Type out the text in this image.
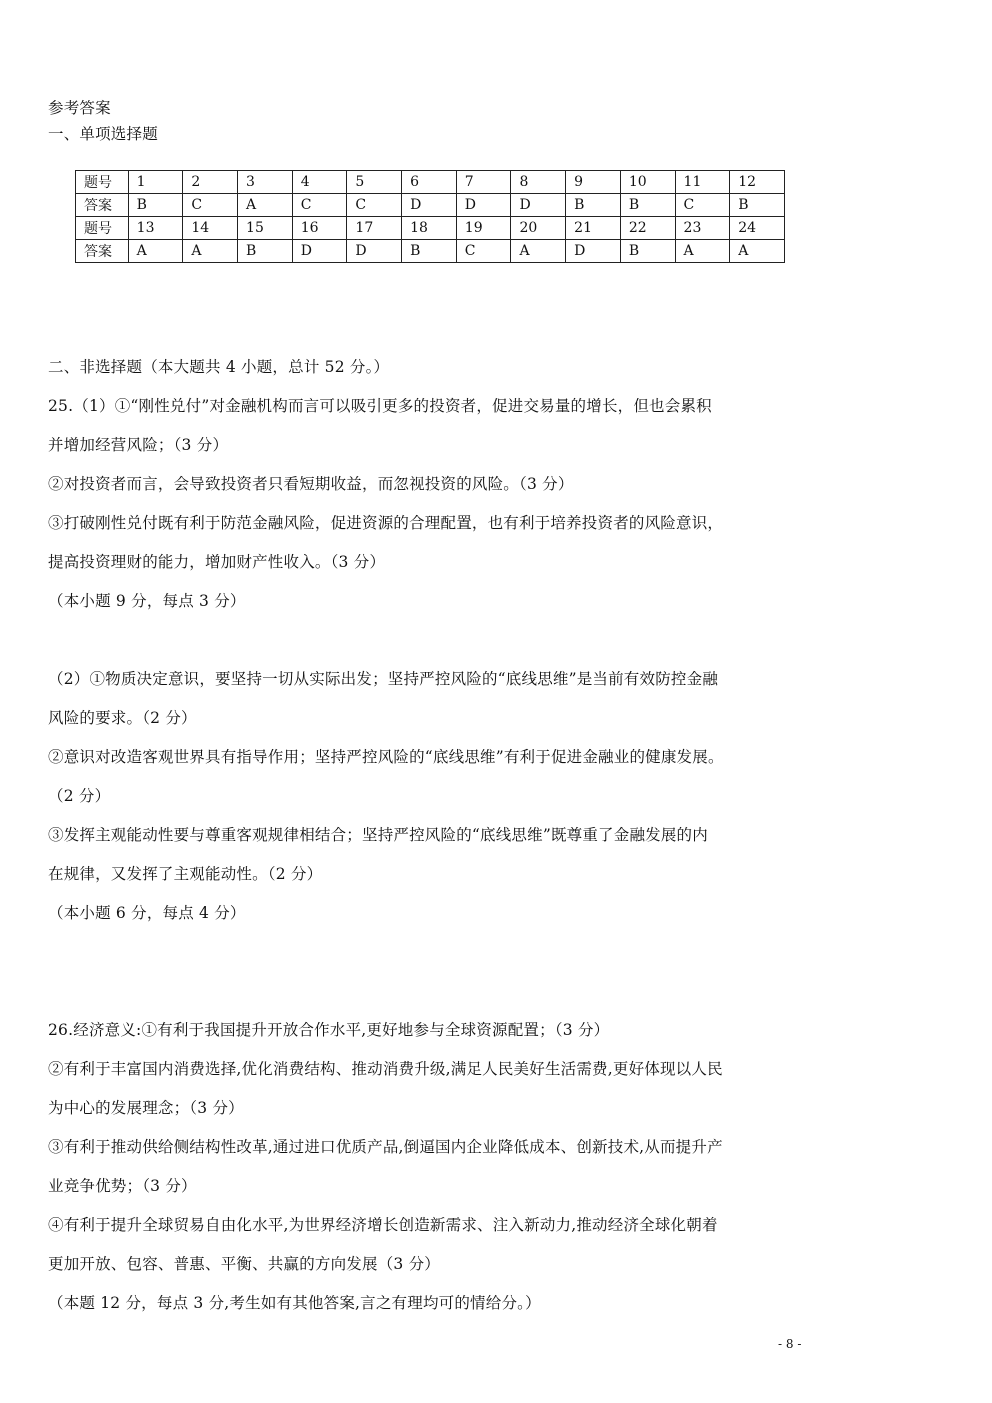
参考答案
一、单项选择题
题号	1	2	3	4	5	6	7	8	9	10	11	12
答案	B	C	A	C	C	D	D	D	B	B	C	B
题号	13	14	15	16	17	18	19	20	21	22	23	24
答案	A	A	B	D	D	B	C	A	D	B	A	A
二、非选择题（本大题共 4 小题，总计 52 分。）
25.（1）①“刚性兑付”对金融机构而言可以吸引更多的投资者，促进交易量的增长，但也会累积
并增加经营风险；（3 分）
②对投资者而言，会导致投资者只看短期收益，而忽视投资的风险。（3 分）
③打破刚性兑付既有利于防范金融风险，促进资源的合理配置，也有利于培养投资者的风险意识，
提高投资理财的能力，增加财产性收入。（3 分）
（本小题 9 分，每点 3 分）
（2）①物质决定意识，要坚持一切从实际出发；坚持严控风险的“底线思维”是当前有效防控金融
风险的要求。（2 分）
②意识对改造客观世界具有指导作用；坚持严控风险的“底线思维”有利于促进金融业的健康发展。
（2 分）
③发挥主观能动性要与尊重客观规律相结合；坚持严控风险的“底线思维”既尊重了金融发展的内
在规律，又发挥了主观能动性。（2 分）
（本小题 6 分，每点 4 分）
26.经济意义:①有利于我国提升开放合作水平,更好地参与全球资源配置；（3 分）
②有利于丰富国内消费选择,优化消费结构、推动消费升级,满足人民美好生活需费,更好体现以人民
为中心的发展理念；（3 分）
③有利于推动供给侧结构性改革,通过进口优质产品,倒逼国内企业降低成本、创新技术,从而提升产
业竞争优势；（3 分）
④有利于提升全球贸易自由化水平,为世界经济增长创造新需求、注入新动力,推动经济全球化朝着
更加开放、包容、普惠、平衡、共赢的方向发展（3 分）
（本题 12 分，每点 3 分,考生如有其他答案,言之有理均可的情给分。）
- 8 -
